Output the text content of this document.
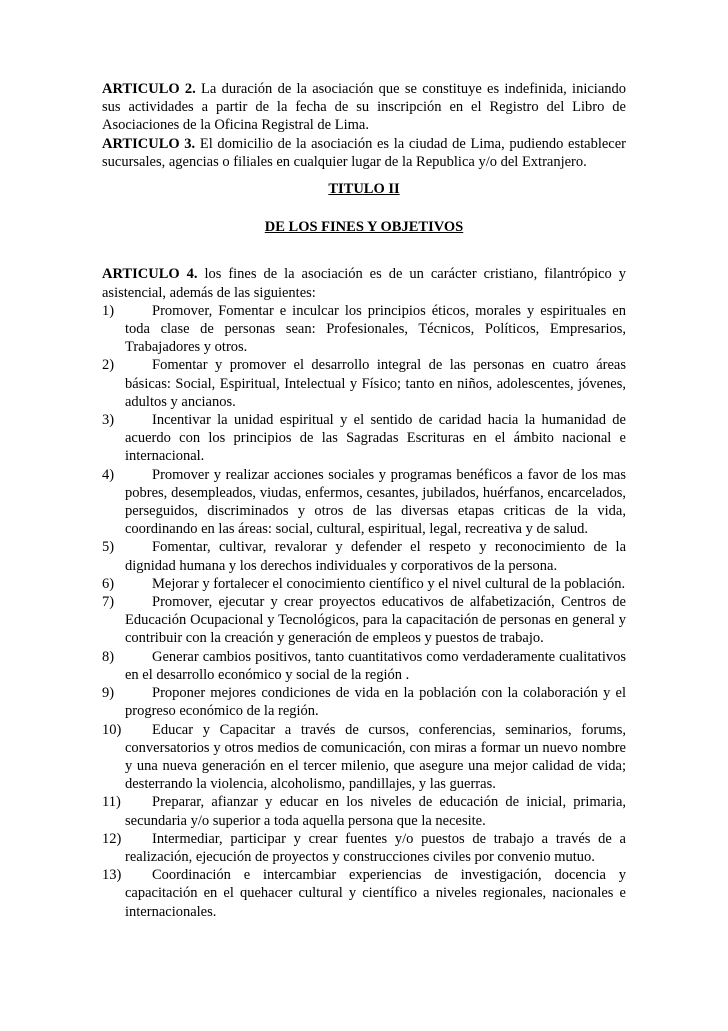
ARTICULO 2. La duración de la asociación que se constituye es indefinida, iniciando sus actividades a partir de la fecha de su inscripción en el Registro del Libro de Asociaciones de la Oficina Registral de Lima.

ARTICULO 3. El domicilio de la asociación es la ciudad de Lima, pudiendo establecer sucursales, agencias o filiales en cualquier lugar de la Republica y/o del Extranjero.

TITULO II

DE LOS FINES Y OBJETIVOS

ARTICULO 4. los fines de la asociación es de un carácter cristiano, filantrópico y asistencial, además de las siguientes:

1)	Promover, Fomentar e inculcar los principios éticos, morales y espirituales en toda clase de personas sean: Profesionales, Técnicos, Políticos, Empresarios, Trabajadores y otros.
2)	Fomentar y promover el desarrollo integral de las personas en cuatro áreas básicas: Social, Espiritual, Intelectual y Físico; tanto en niños, adolescentes, jóvenes, adultos y ancianos.
3)	Incentivar la unidad espiritual y el sentido de caridad hacia la humanidad de acuerdo con los principios de las Sagradas Escrituras en el ámbito nacional e internacional.
4)	Promover y realizar acciones sociales y programas benéficos a favor de los mas pobres, desempleados, viudas, enfermos, cesantes, jubilados, huérfanos, encarcelados, perseguidos, discriminados y otros de las diversas etapas criticas de la vida, coordinando en las áreas: social, cultural, espiritual, legal, recreativa y de salud.
5)	Fomentar, cultivar, revalorar y defender el respeto y reconocimiento de la dignidad humana y los derechos individuales y corporativos de la persona.
6)	Mejorar y fortalecer el conocimiento científico y el nivel cultural de la población.
7)	Promover, ejecutar y crear proyectos educativos de alfabetización, Centros de Educación Ocupacional y Tecnológicos, para la capacitación de personas en general y contribuir con la creación y generación de empleos y puestos de trabajo.
8)	Generar cambios positivos, tanto cuantitativos como verdaderamente cualitativos en el desarrollo económico y social de la región .
9)	Proponer mejores condiciones de vida en la población con la colaboración y el progreso económico de la región.
10) Educar y Capacitar a través de cursos, conferencias, seminarios, forums, conversatorios y otros medios de comunicación, con miras a formar un nuevo nombre y una nueva generación en el tercer milenio, que asegure una mejor calidad de vida; desterrando la violencia, alcoholismo, pandillajes, y las guerras.
11) Preparar, afianzar y educar en los niveles de educación de inicial, primaria, secundaria y/o superior a toda aquella persona que la necesite.
12) Intermediar, participar y crear fuentes y/o puestos de trabajo a través de a realización, ejecución de proyectos y construcciones civiles por convenio mutuo.
13) Coordinación e intercambiar experiencias de investigación, docencia y capacitación en el quehacer cultural y científico a niveles regionales, nacionales e internacionales.
